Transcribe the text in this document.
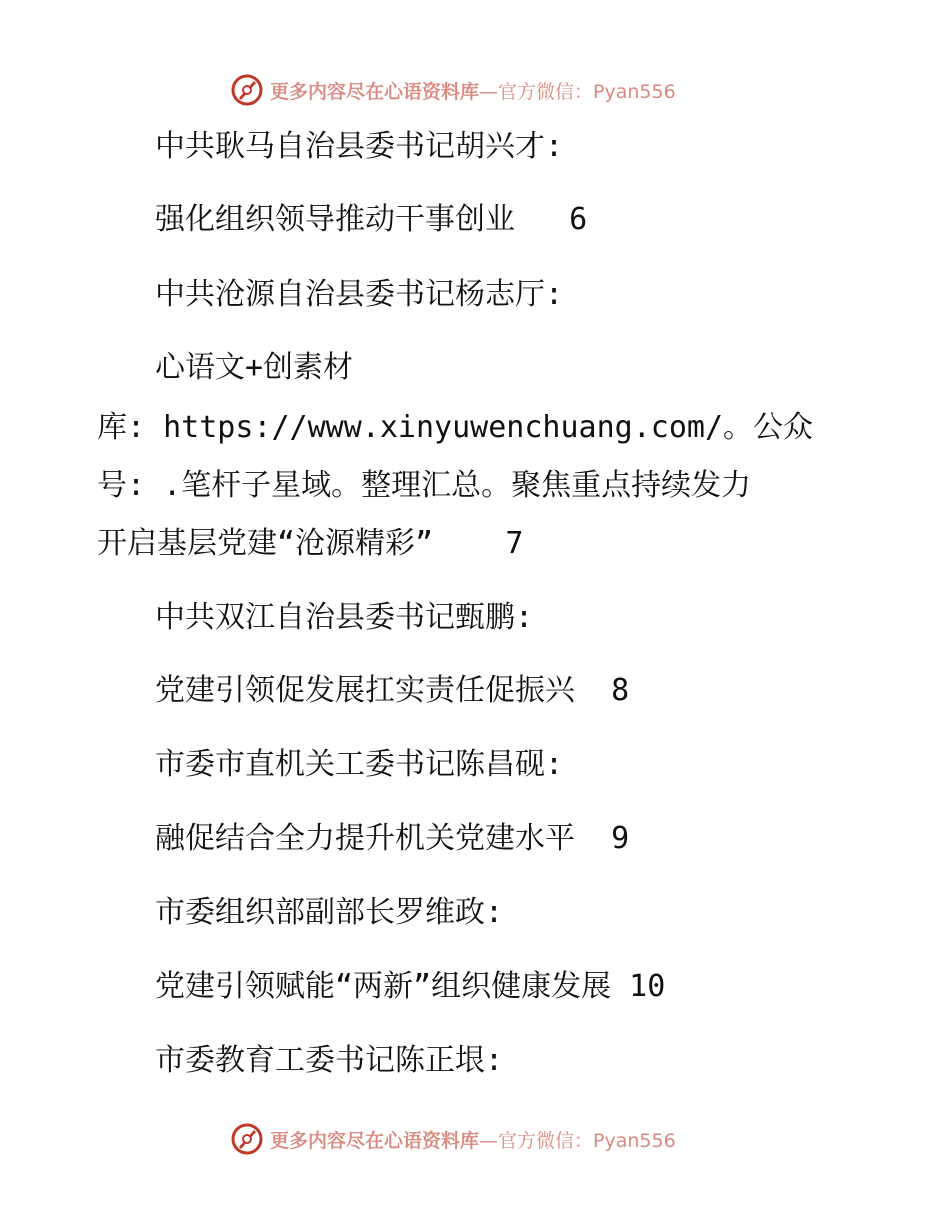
更多内容尽在心语资料库 —官方微信：Pyan556
中共耿马自治县委书记胡兴才:
强化组织领导推动干事创业   6
中共沧源自治县委书记杨志厅:
心语文+创素材
库: https://www.xinyuwenchuang.com/。公众
号: .笔杆子星域。整理汇总。聚焦重点持续发力
开启基层党建“沧源精彩”    7
中共双江自治县委书记甄鹏:
党建引领促发展扛实责任促振兴  8
市委市直机关工委书记陈昌砚:
融促结合全力提升机关党建水平  9
市委组织部副部长罗维政:
党建引领赋能“两新”组织健康发展 10
市委教育工委书记陈正垠:
更多内容尽在心语资料库 —官方微信：Pyan556
